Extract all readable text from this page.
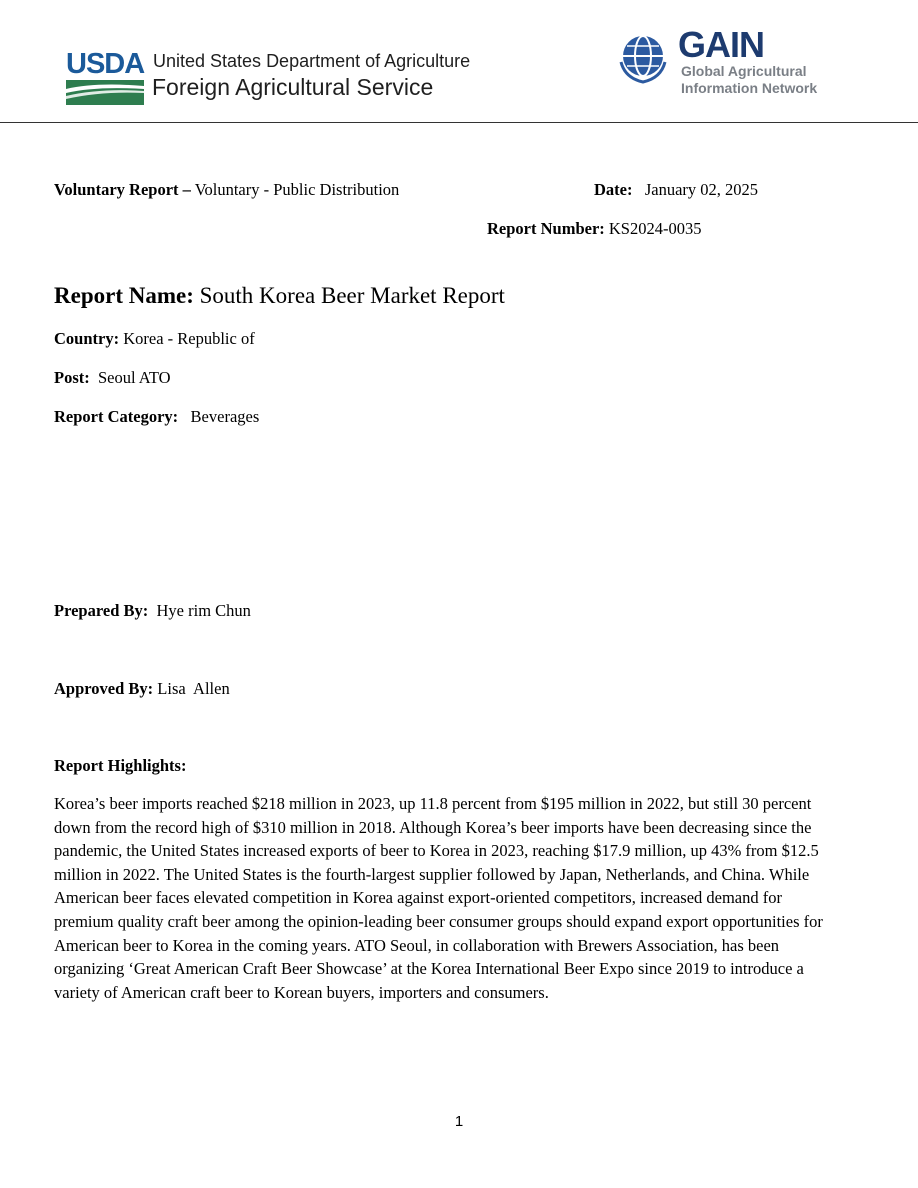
USDA United States Department of Agriculture
Foreign Agricultural Service
GAIN
Global Agricultural
Information Network
Voluntary Report – Voluntary - Public Distribution	Date: January 02, 2025
Report Number: KS2024-0035
Report Name: South Korea Beer Market Report
Country: Korea - Republic of
Post: Seoul ATO
Report Category: Beverages
Prepared By: Hye rim Chun
Approved By: Lisa  Allen
Report Highlights:
Korea’s beer imports reached $218 million in 2023, up 11.8 percent from $195 million in 2022, but still 30 percent down from the record high of $310 million in 2018. Although Korea’s beer imports have been decreasing since the pandemic, the United States increased exports of beer to Korea in 2023, reaching $17.9 million, up 43% from $12.5 million in 2022. The United States is the fourth-largest supplier followed by Japan, Netherlands, and China. While American beer faces elevated competition in Korea against export-oriented competitors, increased demand for premium quality craft beer among the opinion-leading beer consumer groups should expand export opportunities for American beer to Korea in the coming years. ATO Seoul, in collaboration with Brewers Association, has been organizing ‘Great American Craft Beer Showcase’ at the Korea International Beer Expo since 2019 to introduce a variety of American craft beer to Korean buyers, importers and consumers.
1
